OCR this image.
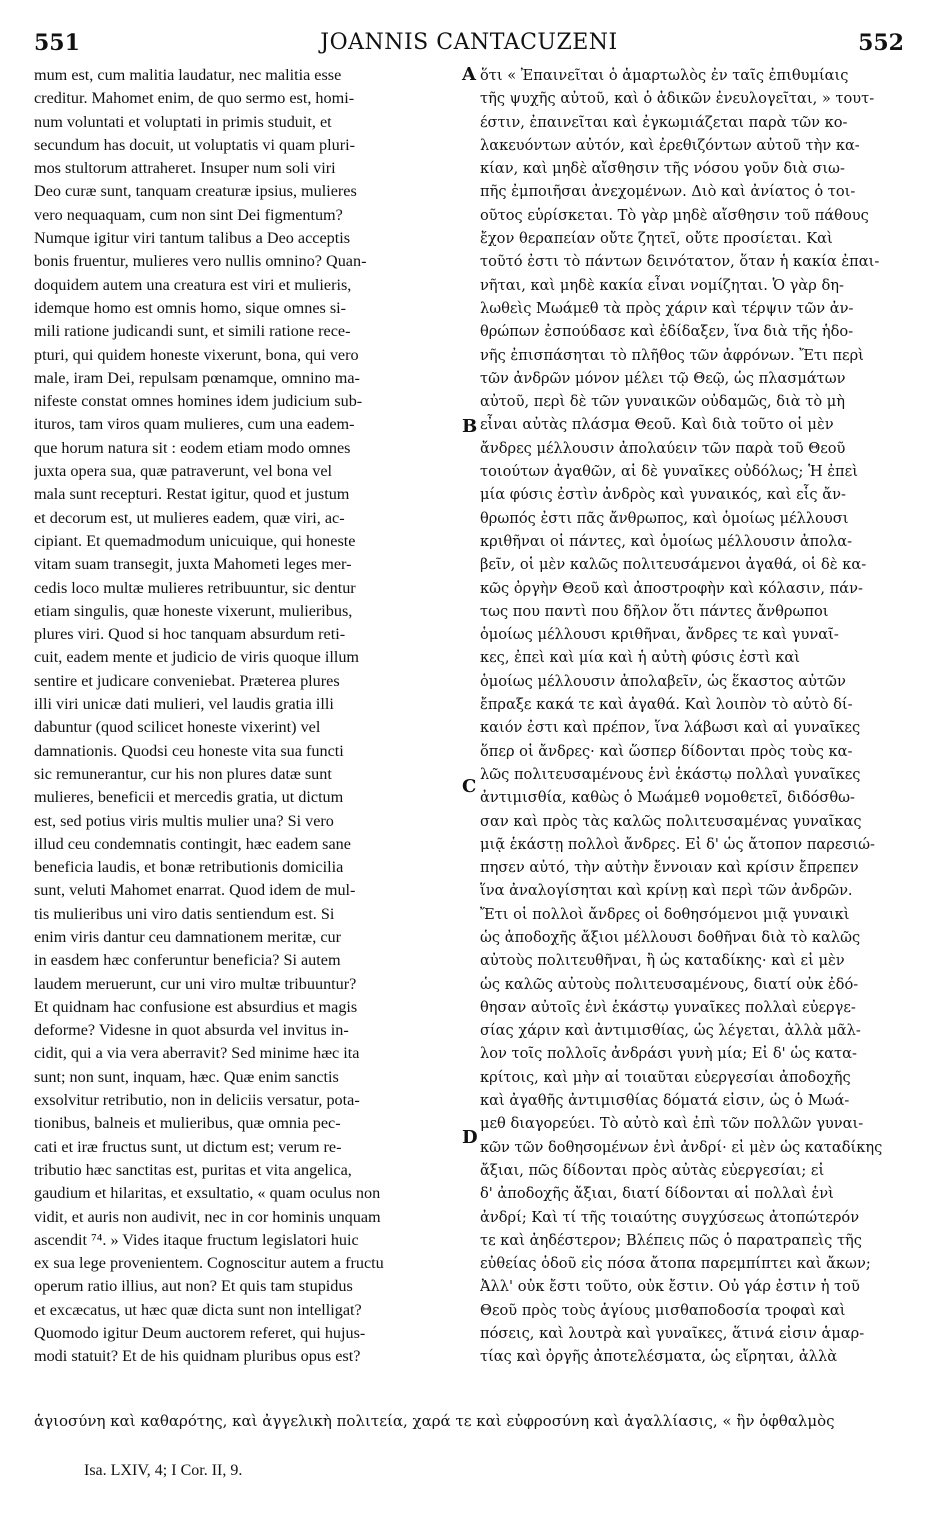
551	JOANNIS CANTACUZENI	552
mum est, cum malitia laudatur, nec malitia esse
creditur. Mahomet enim, de quo sermo est, homi-
num voluntati et voluptati in primis studuit, et
secundum has docuit, ut voluptatis vi quam pluri-
mos stultorum attraheret. Insuper num soli viri
Deo curæ sunt, tanquam creaturæ ipsius, mulieres
vero nequaquam, cum non sint Dei figmentum?
Numque igitur viri tantum talibus a Deo acceptis
bonis fruentur, mulieres vero nullis omnino? Quan-
doquidem autem una creatura est viri et mulieris,
idemque homo est omnis homo, sique omnes si-
mili ratione judicandi sunt, et simili ratione rece-
pturi, qui quidem honeste vixerunt, bona, qui vero
male, iram Dei, repulsam pœnamque, omnino ma-
nifeste constat omnes homines idem judicium sub-
ituros, tam viros quam mulieres, cum una eadem-
que horum natura sit : eodem etiam modo omnes
juxta opera sua, quæ patraverunt, vel bona vel
mala sunt recepturi. Restat igitur, quod et justum
et decorum est, ut mulieres eadem, quæ viri, ac-
cipiant. Et quemadmodum unicuique, qui honeste
vitam suam transegit, juxta Mahometi leges mer-
cedis loco multæ mulieres retribuuntur, sic dentur
etiam singulis, quæ honeste vixerunt, mulieribus,
plures viri. Quod si hoc tanquam absurdum reti-
cuit, eadem mente et judicio de viris quoque illum
sentire et judicare conveniebat. Præterea plures
illi viri unicæ dati mulieri, vel laudis gratia illi
dabuntur (quod scilicet honeste vixerint) vel
damnationis. Quodsi ceu honeste vita sua functi
sic remunerantur, cur his non plures datæ sunt
mulieres, beneficii et mercedis gratia, ut dictum
est, sed potius viris multis mulier una? Si vero
illud ceu condemnatis contingit, hæc eadem sane
beneficia laudis, et bonæ retributionis domicilia
sunt, veluti Mahomet enarrat. Quod idem de mul-
tis mulieribus uni viro datis sentiendum est. Si
enim viris dantur ceu damnationem meritæ, cur
in easdem hæc conferuntur beneficia? Si autem
laudem meruerunt, cur uni viro multæ tribuuntur?
Et quidnam hac confusione est absurdius et magis
deforme? Videsne in quot absurda vel invitus in-
cidit, qui a via vera aberravit? Sed minime hæc ita
sunt; non sunt, inquam, hæc. Quæ enim sanctis
exsolvitur retributio, non in deliciis versatur, pota-
tionibus, balneis et mulieribus, quæ omnia pec-
cati et iræ fructus sunt, ut dictum est; verum re-
tributio hæc sanctitas est, puritas et vita angelica,
gaudium et hilaritas, et exsultatio, « quam oculus non
vidit, et auris non audivit, nec in cor hominis unquam
ascendit ⁷⁴. » Vides itaque fructum legislatori huic
ex sua lege provenientem. Cognoscitur autem a fructu
operum ratio illius, aut non? Et quis tam stupidus
et excæcatus, ut hæc quæ dicta sunt non intelligat?
Quomodo igitur Deum auctorem referet, qui hujus-
modi statuit? Et de his quidnam pluribus opus est?
A
B
C
D
ὅτι « Ἐπαινεῖται ὁ ἁμαρτωλὸς ἐν ταῖς ἐπιθυμίαις
τῆς ψυχῆς αὐτοῦ, καὶ ὁ ἀδικῶν ἐνευλογεῖται, » τουτ-
έστιν, ἐπαινεῖται καὶ ἐγκωμιάζεται παρὰ τῶν κο-
λακευόντων αὐτόν, καὶ ἐρεθιζόντων αὐτοῦ τὴν κα-
κίαν, καὶ μηδὲ αἴσθησιν τῆς νόσου γοῦν διὰ σιω-
πῆς ἐμποιῆσαι ἀνεχομένων. Διὸ καὶ ἀνίατος ὁ τοι-
οῦτος εὑρίσκεται. Τὸ γὰρ μηδὲ αἴσθησιν τοῦ πάθους
ἔχον θεραπείαν οὔτε ζητεῖ, οὔτε προσίεται. Καὶ
τοῦτό ἐστι τὸ πάντων δεινότατον, ὅταν ἡ κακία ἐπαι-
νῆται, καὶ μηδὲ κακία εἶναι νομίζηται. Ὁ γὰρ δη-
λωθεὶς Μωάμεθ τὰ πρὸς χάριν καὶ τέρψιν τῶν ἀν-
θρώπων ἐσπούδασε καὶ ἐδίδαξεν, ἵνα διὰ τῆς ἡδο-
νῆς ἐπισπάσηται τὸ πλῆθος τῶν ἀφρόνων. Ἔτι περὶ
τῶν ἀνδρῶν μόνον μέλει τῷ Θεῷ, ὡς πλασμάτων
αὐτοῦ, περὶ δὲ τῶν γυναικῶν οὐδαμῶς, διὰ τὸ μὴ
εἶναι αὐτὰς πλάσμα Θεοῦ. Καὶ διὰ τοῦτο οἱ μὲν
ἄνδρες μέλλουσιν ἀπολαύειν τῶν παρὰ τοῦ Θεοῦ
τοιούτων ἀγαθῶν, αἱ δὲ γυναῖκες οὐδόλως; Ἡ ἐπεὶ
μία φύσις ἐστὶν ἀνδρὸς καὶ γυναικός, καὶ εἷς ἄν-
θρωπός ἐστι πᾶς ἄνθρωπος, καὶ ὁμοίως μέλλουσι
κριθῆναι οἱ πάντες, καὶ ὁμοίως μέλλουσιν ἀπολα-
βεῖν, οἱ μὲν καλῶς πολιτευσάμενοι ἀγαθά, οἱ δὲ κα-
κῶς ὀργὴν Θεοῦ καὶ ἀποστροφὴν καὶ κόλασιν, πάν-
τως που παντὶ που δῆλον ὅτι πάντες ἄνθρωποι
ὁμοίως μέλλουσι κριθῆναι, ἄνδρες τε καὶ γυναῖ-
κες, ἐπεὶ καὶ μία καὶ ἡ αὐτὴ φύσις ἐστὶ καὶ
ὁμοίως μέλλουσιν ἀπολαβεῖν, ὡς ἕκαστος αὐτῶν
ἔπραξε κακά τε καὶ ἀγαθά. Καὶ λοιπὸν τὸ αὐτὸ δί-
καιόν ἐστι καὶ πρέπον, ἵνα λάβωσι καὶ αἱ γυναῖκες
ὅπερ οἱ ἄνδρες· καὶ ὥσπερ δίδονται πρὸς τοὺς κα-
λῶς πολιτευσαμένους ἑνὶ ἑκάστῳ πολλαὶ γυναῖκες
ἀντιμισθία, καθὼς ὁ Μωάμεθ νομοθετεῖ, διδόσθω-
σαν καὶ πρὸς τὰς καλῶς πολιτευσαμένας γυναῖκας
μιᾷ ἑκάστῃ πολλοὶ ἄνδρες. Εἰ δ' ὡς ἄτοπον παρεσιώ-
πησεν αὐτό, τὴν αὐτὴν ἔννοιαν καὶ κρίσιν ἔπρεπεν
ἵνα ἀναλογίσηται καὶ κρίνῃ καὶ περὶ τῶν ἀνδρῶν.
Ἔτι οἱ πολλοὶ ἄνδρες οἱ δοθησόμενοι μιᾷ γυναικὶ
ὡς ἀποδοχῆς ἄξιοι μέλλουσι δοθῆναι διὰ τὸ καλῶς
αὐτοὺς πολιτευθῆναι, ἢ ὡς καταδίκης· καὶ εἰ μὲν
ὡς καλῶς αὐτοὺς πολιτευσαμένους, διατί οὐκ ἐδό-
θησαν αὐτοῖς ἑνὶ ἑκάστῳ γυναῖκες πολλαὶ εὐεργε-
σίας χάριν καὶ ἀντιμισθίας, ὡς λέγεται, ἀλλὰ μᾶλ-
λον τοῖς πολλοῖς ἀνδράσι γυνὴ μία; Εἰ δ' ὡς κατα-
κρίτοις, καὶ μὴν αἱ τοιαῦται εὐεργεσίαι ἀποδοχῆς
καὶ ἀγαθῆς ἀντιμισθίας δόματά εἰσιν, ὡς ὁ Μωά-
μεθ διαγορεύει. Τὸ αὐτὸ καὶ ἐπὶ τῶν πολλῶν γυναι-
κῶν τῶν δοθησομένων ἑνὶ ἀνδρί· εἰ μὲν ὡς καταδίκης
ἄξιαι, πῶς δίδονται πρὸς αὐτὰς εὐεργεσίαι; εἰ
δ' ἀποδοχῆς ἄξιαι, διατί δίδονται αἱ πολλαὶ ἑνὶ
ἀνδρί; Καὶ τί τῆς τοιαύτης συγχύσεως ἀτοπώτερόν
τε καὶ ἀηδέστερον; Βλέπεις πῶς ὁ παρατραπεὶς τῆς
εὐθείας ὁδοῦ εἰς πόσα ἄτοπα παρεμπίπτει καὶ ἄκων;
Ἀλλ' οὐκ ἔστι τοῦτο, οὐκ ἔστιν. Οὐ γάρ ἐστιν ἡ τοῦ
Θεοῦ πρὸς τοὺς ἁγίους μισθαποδοσία τροφαὶ καὶ
πόσεις, καὶ λουτρὰ καὶ γυναῖκες, ἅτινά εἰσιν ἁμαρ-
τίας καὶ ὀργῆς ἀποτελέσματα, ὡς εἴρηται, ἀλλὰ
ἁγιοσύνη καὶ καθαρότης, καὶ ἀγγελικὴ πολιτεία, χαρά τε καὶ εὐφροσύνη καὶ ἀγαλλίασις, « ἣν ὀφθαλμὸς
Isa. LXIV, 4; I Cor. II, 9.
